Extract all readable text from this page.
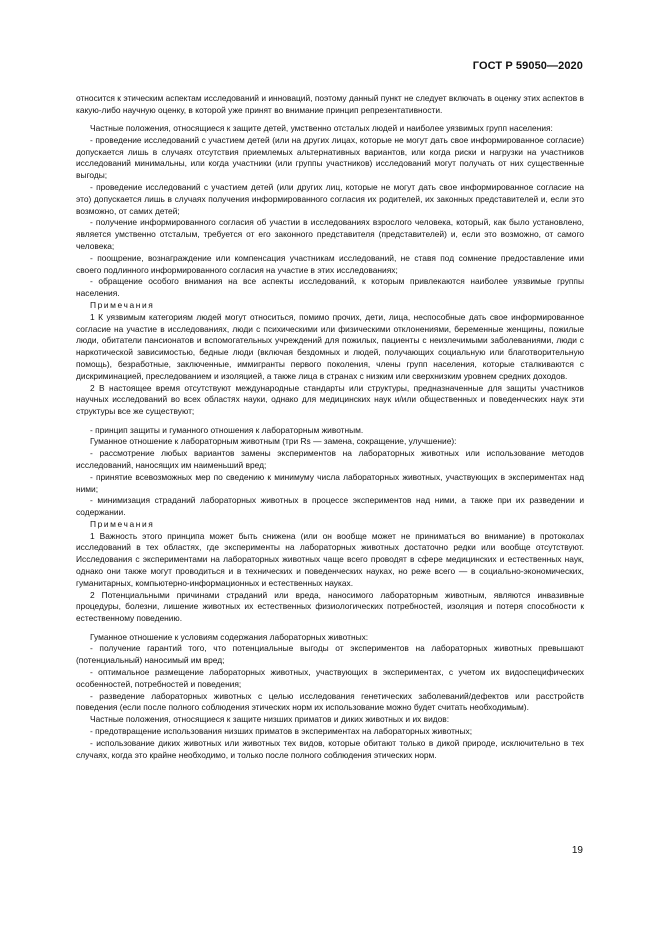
ГОСТ Р 59050—2020

относится к этическим аспектам исследований и инноваций, поэтому данный пункт не следует включать в оценку этих аспектов в какую-либо научную оценку, в которой уже принят во внимание принцип репрезентативности.

Частные положения, относящиеся к защите детей, умственно отсталых людей и наиболее уязвимых групп населения:

- проведение исследований с участием детей (или на других лицах, которые не могут дать свое информированное согласие) допускается лишь в случаях отсутствия приемлемых альтернативных вариантов, или когда риски и нагрузки на участников исследований минимальны, или когда участники (или группы участников) исследований могут получать от них существенные выгоды;

- проведение исследований с участием детей (или других лиц, которые не могут дать свое информированное согласие на это) допускается лишь в случаях получения информированного согласия их родителей, их законных представителей и, если это возможно, от самих детей;

- получение информированного согласия об участии в исследованиях взрослого человека, который, как было установлено, является умственно отсталым, требуется от его законного представителя (представителей) и, если это возможно, от самого человека;

- поощрение, вознаграждение или компенсация участникам исследований, не ставя под сомнение предоставление ими своего подлинного информированного согласия на участие в этих исследованиях;

- обращение особого внимания на все аспекты исследований, к которым привлекаются наиболее уязвимые группы населения.

Примечания

1 К уязвимым категориям людей могут относиться, помимо прочих, дети, лица, неспособные дать свое информированное согласие на участие в исследованиях, люди с психическими или физическими отклонениями, беременные женщины, пожилые люди, обитатели пансионатов и вспомогательных учреждений для пожилых, пациенты с неизлечимыми заболеваниями, люди с наркотической зависимостью, бедные люди (включая бездомных и людей, получающих социальную или благотворительную помощь), безработные, заключенные, иммигранты первого поколения, члены групп населения, которые сталкиваются с дискриминацией, преследованием и изоляцией, а также лица в странах с низким или сверхнизким уровнем средних доходов.

2 В настоящее время отсутствуют международные стандарты или структуры, предназначенные для защиты участников научных исследований во всех областях науки, однако для медицинских наук и/или общественных и поведенческих наук эти структуры все же существуют;

- принцип защиты и гуманного отношения к лабораторным животным.

Гуманное отношение к лабораторным животным (три Rs — замена, сокращение, улучшение):

- рассмотрение любых вариантов замены экспериментов на лабораторных животных или использование методов исследований, наносящих им наименьший вред;

- принятие всевозможных мер по сведению к минимуму числа лабораторных животных, участвующих в экспериментах над ними;

- минимизация страданий лабораторных животных в процессе экспериментов над ними, а также при их разведении и содержании.

Примечания

1 Важность этого принципа может быть снижена (или он вообще может не приниматься во внимание) в протоколах исследований в тех областях, где эксперименты на лабораторных животных достаточно редки или вообще отсутствуют. Исследования с экспериментами на лабораторных животных чаще всего проводят в сфере медицинских и естественных наук, однако они также могут проводиться и в технических и поведенческих науках, но реже всего — в социально-экономических, гуманитарных, компьютерно-информационных и естественных науках.

2 Потенциальными причинами страданий или вреда, наносимого лабораторным животным, являются инвазивные процедуры, болезни, лишение животных их естественных физиологических потребностей, изоляция и потеря способности к естественному поведению.

Гуманное отношение к условиям содержания лабораторных животных:

- получение гарантий того, что потенциальные выгоды от экспериментов на лабораторных животных превышают (потенциальный) наносимый им вред;

- оптимальное размещение лабораторных животных, участвующих в экспериментах, с учетом их видоспецифических особенностей, потребностей и поведения;

- разведение лабораторных животных с целью исследования генетических заболеваний/дефектов или расстройств поведения (если после полного соблюдения этических норм их использование можно будет считать необходимым).

Частные положения, относящиеся к защите низших приматов и диких животных и их видов:

- предотвращение использования низших приматов в экспериментах на лабораторных животных;

- использование диких животных или животных тех видов, которые обитают только в дикой природе, исключительно в тех случаях, когда это крайне необходимо, и только после полного соблюдения этических норм.

19
